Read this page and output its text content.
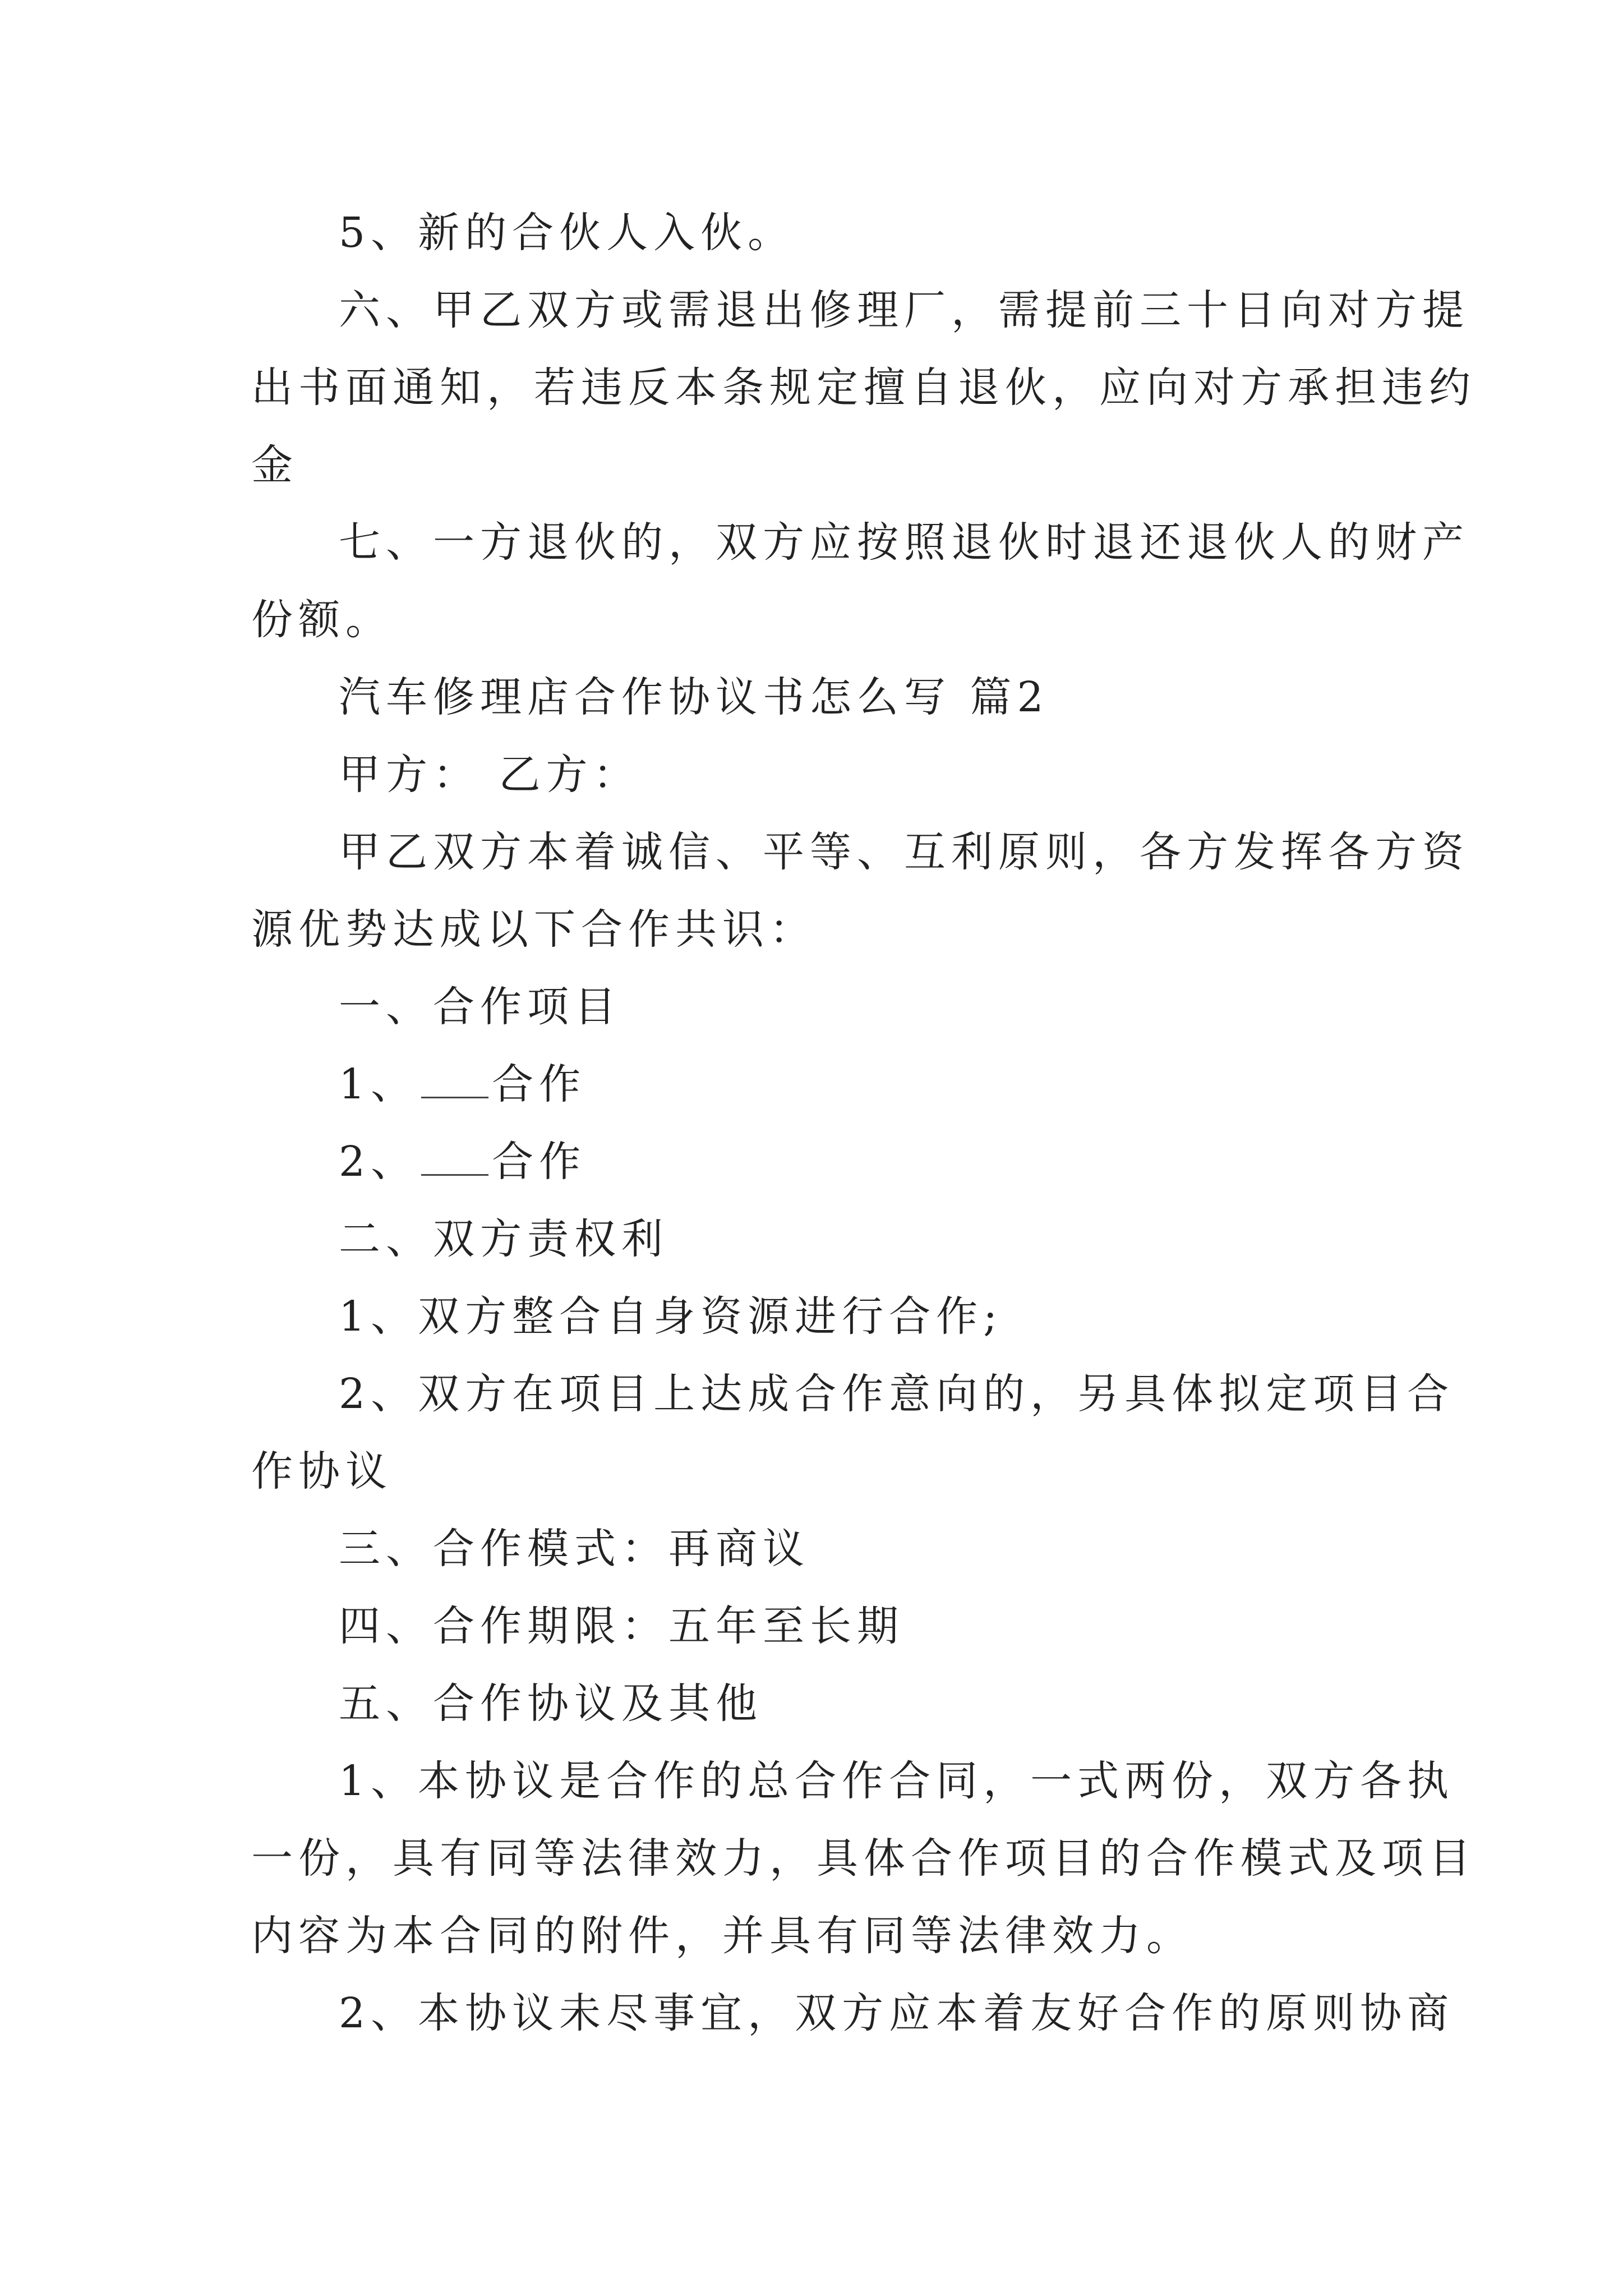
5、新的合伙人入伙。

六、甲乙双方或需退出修理厂，需提前三十日向对方提
出书面通知，若违反本条规定擅自退伙，应向对方承担违约
金

七、一方退伙的，双方应按照退伙时退还退伙人的财产
份额。

汽车修理店合作协议书怎么写 篇2

甲方： 乙方：

甲乙双方本着诚信、平等、互利原则，各方发挥各方资
源优势达成以下合作共识：

一、合作项目

1、 合作

2、 合作

二、双方责权利

1、双方整合自身资源进行合作;

2、双方在项目上达成合作意向的，另具体拟定项目合
作协议

三、合作模式：再商议

四、合作期限：五年至长期

五、合作协议及其他

1、本协议是合作的总合作合同，一式两份，双方各执
一份，具有同等法律效力，具体合作项目的合作模式及项目
内容为本合同的附件，并具有同等法律效力。

2、本协议未尽事宜，双方应本着友好合作的原则协商
